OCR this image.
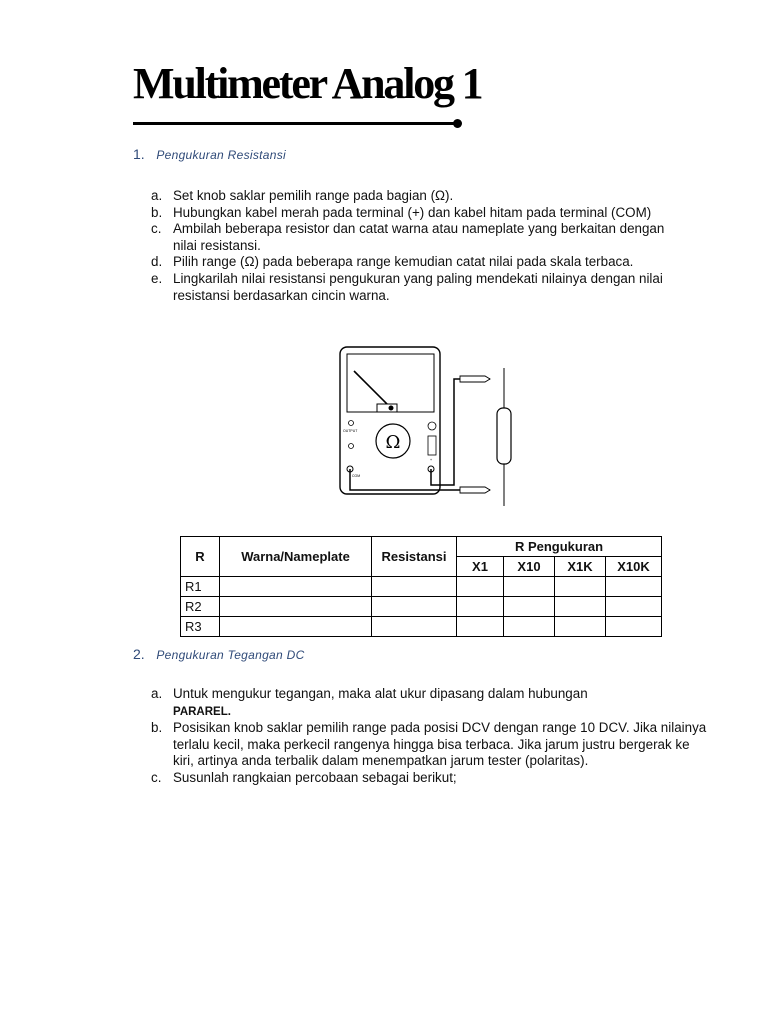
Multimeter Analog 1
1. Pengukuran Resistansi
a. Set knob saklar pemilih range pada bagian (Ω).
b. Hubungkan kabel merah pada terminal (+) dan kabel hitam pada terminal (COM)
c. Ambilah beberapa resistor dan catat warna atau nameplate yang berkaitan dengan nilai resistansi.
d. Pilih range (Ω) pada beberapa range kemudian catat nilai pada skala terbaca.
e. Lingkarilah nilai resistansi pengukuran yang paling mendekati nilainya dengan nilai resistansi berdasarkan cincin warna.
OUTPUT
Ω
COM
+
R	Warna/Nameplate	Resistansi	R Pengukuran			
			X1	X10	X1K	X10K
R1						
R2						
R3						
2. Pengukuran Tegangan DC
a. Untuk mengukur tegangan, maka alat ukur dipasang dalam hubungan
PARAREL.
b. Posisikan knob saklar pemilih range pada posisi DCV dengan range 10 DCV. Jika nilainya terlalu kecil, maka perkecil rangenya hingga bisa terbaca. Jika jarum justru bergerak ke kiri, artinya anda terbalik dalam menempatkan jarum tester (polaritas).
c. Susunlah rangkaian percobaan sebagai berikut;
